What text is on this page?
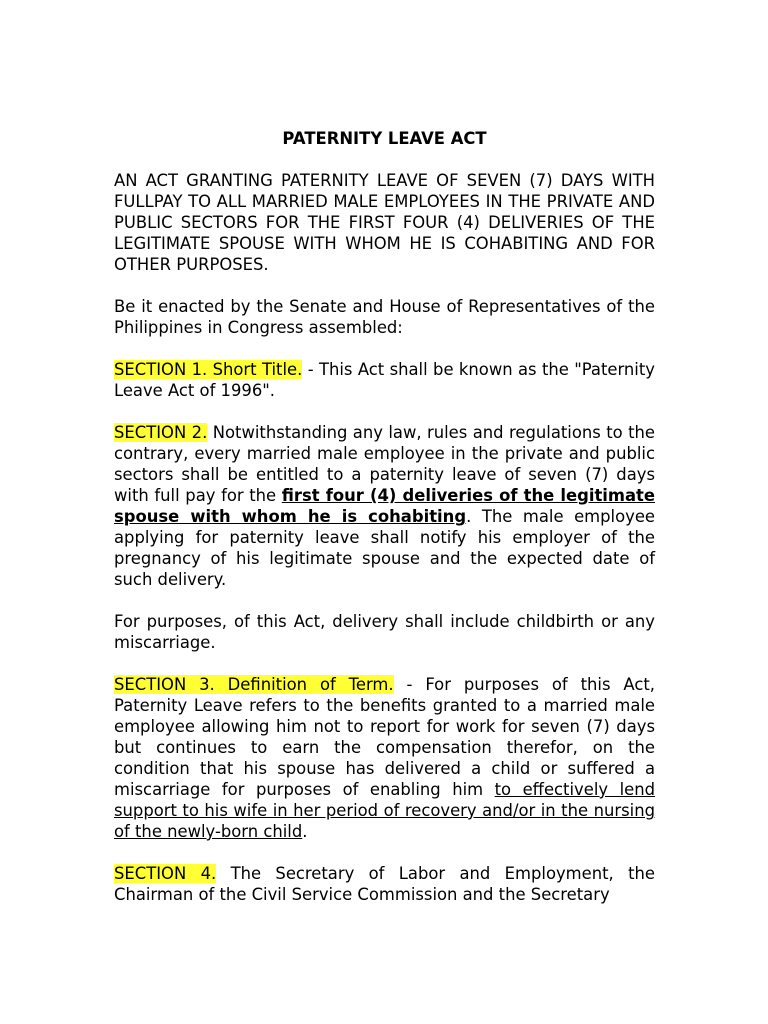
PATERNITY LEAVE ACT

AN ACT GRANTING PATERNITY LEAVE OF SEVEN (7) DAYS WITH FULLPAY TO ALL MARRIED MALE EMPLOYEES IN THE PRIVATE AND PUBLIC SECTORS FOR THE FIRST FOUR (4) DELIVERIES OF THE LEGITIMATE SPOUSE WITH WHOM HE IS COHABITING AND FOR OTHER PURPOSES.

Be it enacted by the Senate and House of Representatives of the Philippines in Congress assembled:

SECTION 1. Short Title. - This Act shall be known as the "Paternity Leave Act of 1996".

SECTION 2. Notwithstanding any law, rules and regulations to the contrary, every married male employee in the private and public sectors shall be entitled to a paternity leave of seven (7) days with full pay for the first four (4) deliveries of the legitimate spouse with whom he is cohabiting. The male employee applying for paternity leave shall notify his employer of the pregnancy of his legitimate spouse and the expected date of such delivery.

For purposes, of this Act, delivery shall include childbirth or any miscarriage.

SECTION 3. Definition of Term. - For purposes of this Act, Paternity Leave refers to the benefits granted to a married male employee allowing him not to report for work for seven (7) days but continues to earn the compensation therefor, on the condition that his spouse has delivered a child or suffered a miscarriage for purposes of enabling him to effectively lend support to his wife in her period of recovery and/or in the nursing of the newly-born child.

SECTION 4. The Secretary of Labor and Employment, the Chairman of the Civil Service Commission and the Secretary
